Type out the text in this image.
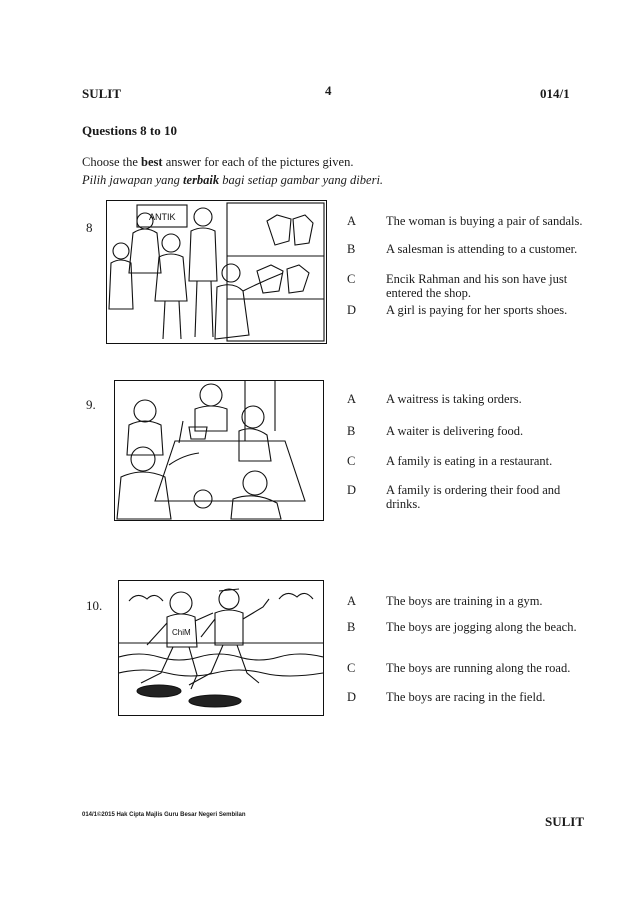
SULIT	4	014/1
Questions 8 to 10
Choose the best answer for each of the pictures given.
Pilih jawapan yang terbaik bagi setiap gambar yang diberi.
8
ANTIK	A The woman is buying a pair of sandals.
B A salesman is attending to a customer.
C Encik Rahman and his son have just entered the shop.
D A girl is paying for her sports shoes.
9.	A A waitress is taking orders.
B A waiter is delivering food.
C A family is eating in a restaurant.
D A family is ordering their food and drinks.
10.
ChiM
A The boys are training in a gym.
B The boys are jogging along the beach.
C The boys are running along the road.
D The boys are racing in the field.
014/1©2015 Hak Cipta Majlis Guru Besar Negeri Sembilan	SULIT
